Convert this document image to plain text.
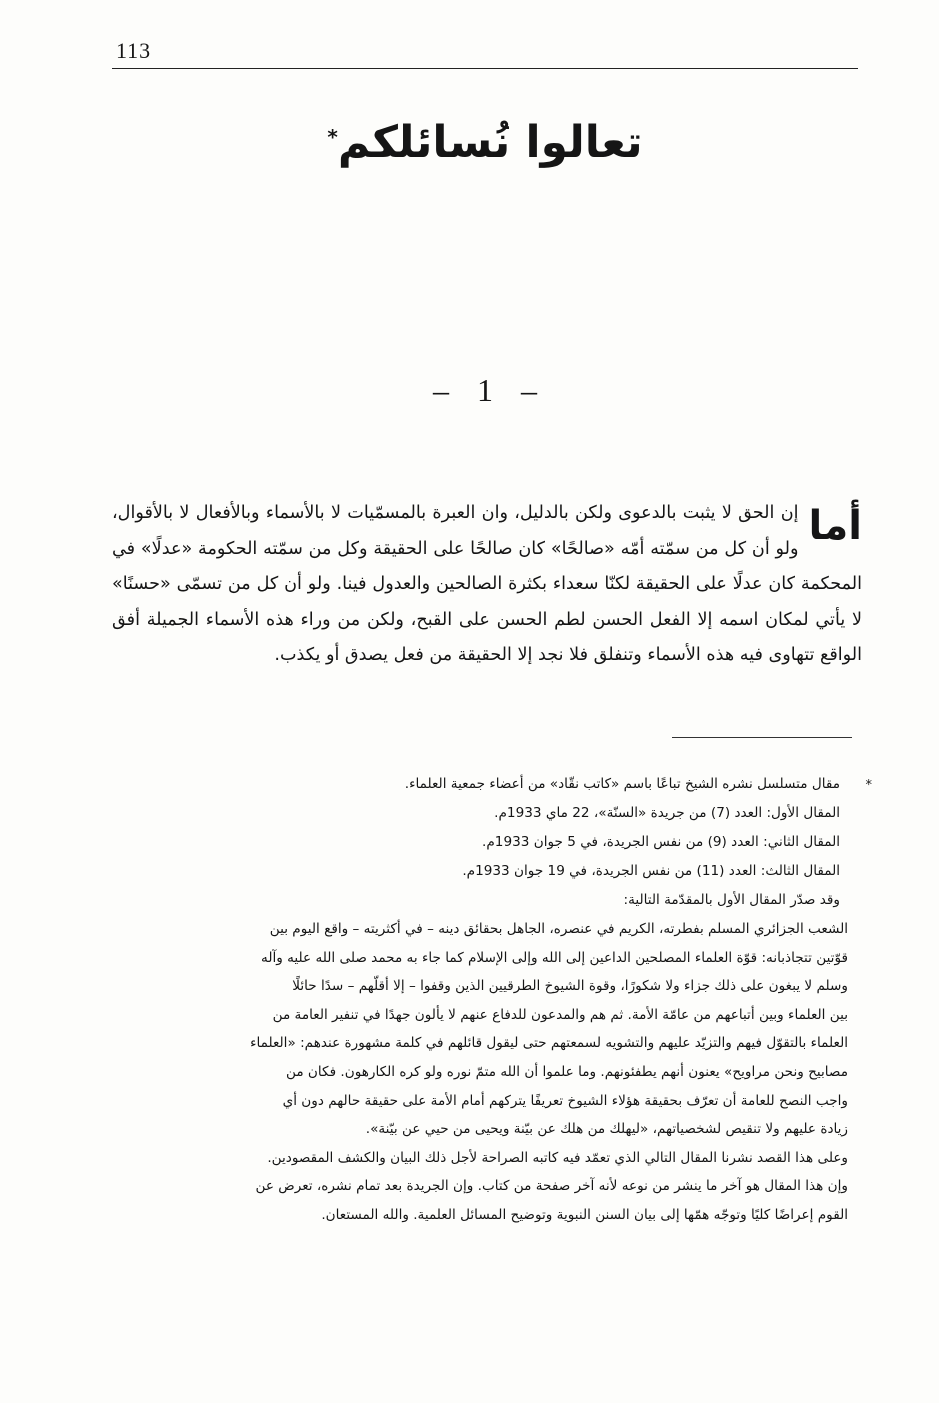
113
تعالوا نُسائلكم*
– 1 –
أما
إن الحق لا يثبت بالدعوى ولكن بالدليل، وان العبرة بالمسمّيات لا بالأسماء وبالأفعال لا بالأقوال، ولو أن كل من سمّته أمّه «صالحًا» كان صالحًا على الحقيقة وكل من سمّته الحكومة «عدلًا» في المحكمة كان عدلًا على الحقيقة لكنّا سعداء بكثرة الصالحين والعدول فينا. ولو أن كل من تسمّى «حسنًا» لا يأتي لمكان اسمه إلا الفعل الحسن لطم الحسن على القبح، ولكن من وراء هذه الأسماء الجميلة أفق الواقع تتهاوى فيه هذه الأسماء وتنفلق فلا نجد إلا الحقيقة من فعل يصدق أو يكذب.
*
مقال متسلسل نشره الشيخ تباعًا باسم «كاتب نقّاد» من أعضاء جمعية العلماء.
المقال الأول: العدد (7) من جريدة «السنّة»، 22 ماي 1933م.
المقال الثاني: العدد (9) من نفس الجريدة، في 5 جوان 1933م.
المقال الثالث: العدد (11) من نفس الجريدة، في 19 جوان 1933م.
وقد صدّر المقال الأول بالمقدّمة التالية:
الشعب الجزائري المسلم بفطرته، الكريم في عنصره، الجاهل بحقائق دينه – في أكثريته – واقع اليوم بين
قوّتين تتجاذبانه: قوّة العلماء المصلحين الداعين إلى الله وإلى الإسلام كما جاء به محمد صلى الله عليه وآله
وسلم لا يبغون على ذلك جزاء ولا شكورًا، وقوة الشيوخ الطرقيين الذين وقفوا – إلا أقلّهم – سدًا حائلًا
بين العلماء وبين أتباعهم من عامّة الأمة. ثم هم والمدعون للدفاع عنهم لا يألون جهدًا في تنفير العامة من
العلماء بالتقوّل فيهم والتزيّد عليهم والتشويه لسمعتهم حتى ليقول قائلهم في كلمة مشهورة عندهم: «العلماء
مصابيح ونحن مراويح» يعنون أنهم يطفئونهم. وما علموا أن الله متمّ نوره ولو كره الكارهون. فكان من
واجب النصح للعامة أن تعرّف بحقيقة هؤلاء الشيوخ تعريفًا يتركهم أمام الأمة على حقيقة حالهم دون أي
زيادة عليهم ولا تنقيص لشخصياتهم، «ليهلك من هلك عن بيّنة ويحيى من حيي عن بيّنة».
وعلى هذا القصد نشرنا المقال التالي الذي تعمّد فيه كاتبه الصراحة لأجل ذلك البيان والكشف المقصودين.
وإن هذا المقال هو آخر ما ينشر من نوعه لأنه آخر صفحة من كتاب. وإن الجريدة بعد تمام نشره، تعرض عن
القوم إعراضًا كليًا وتوجّه همّها إلى بيان السنن النبوية وتوضيح المسائل العلمية. والله المستعان.
